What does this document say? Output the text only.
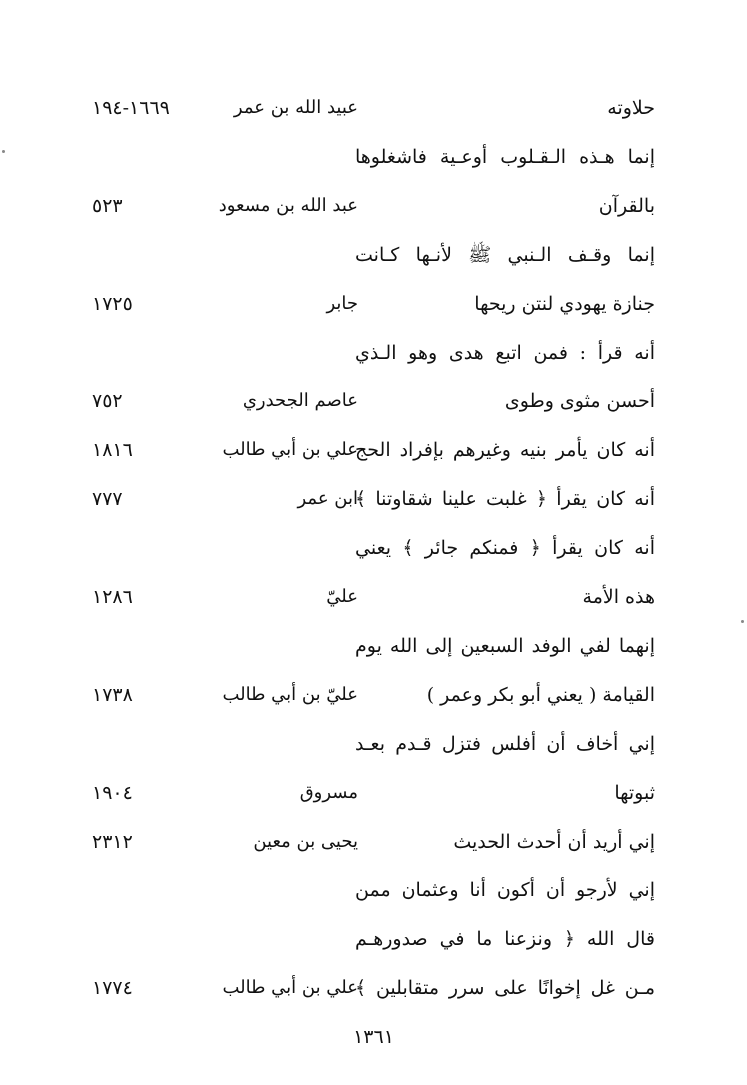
حلاوته
عبيد الله بن عمر
١٦٦٩-١٩٤
إنما هـذه الـقـلوب أوعـية فاشغلوها
بالقرآن
عبد الله بن مسعود
٥٢٣
إنما وقـف الـنبي ﷺ لأنـها كـانت
جنازة يهودي لنتن ريحها
جابر
١٧٢٥
أنه قرأ : فمن اتبع هدى وهو الـذي
أحسن مثوى وطوى
عاصم الجحدري
٧٥٢
أنه كان يأمر بنيه وغيرهم بإفراد الحج
علي بن أبي طالب
١٨١٦
أنه كان يقرأ ﴿ غلبت علينا شقاوتنا ﴾
ابن عمر
٧٧٧
أنه كان يقرأ ﴿ فمنكم جائر ﴾ يعني
هذه الأمة
عليّ
١٢٨٦
إنهما لفي الوفد السبعين إلى الله يوم
القيامة ( يعني أبو بكر وعمر )
عليّ بن أبي طالب
١٧٣٨
إني أخاف أن أفلس فتزل قـدم بعـد
ثبوتها
مسروق
١٩٠٤
إني أريد أن أحدث الحديث
يحيى بن معين
٢٣١٢
إني لأرجو أن أكون أنا وعثمان ممن
قال الله ﴿ ونزعنا ما في صدورهـم
مـن غل إخوانًا على سرر متقابلين ﴾
علي بن أبي طالب
١٧٧٤
١٣٦١
